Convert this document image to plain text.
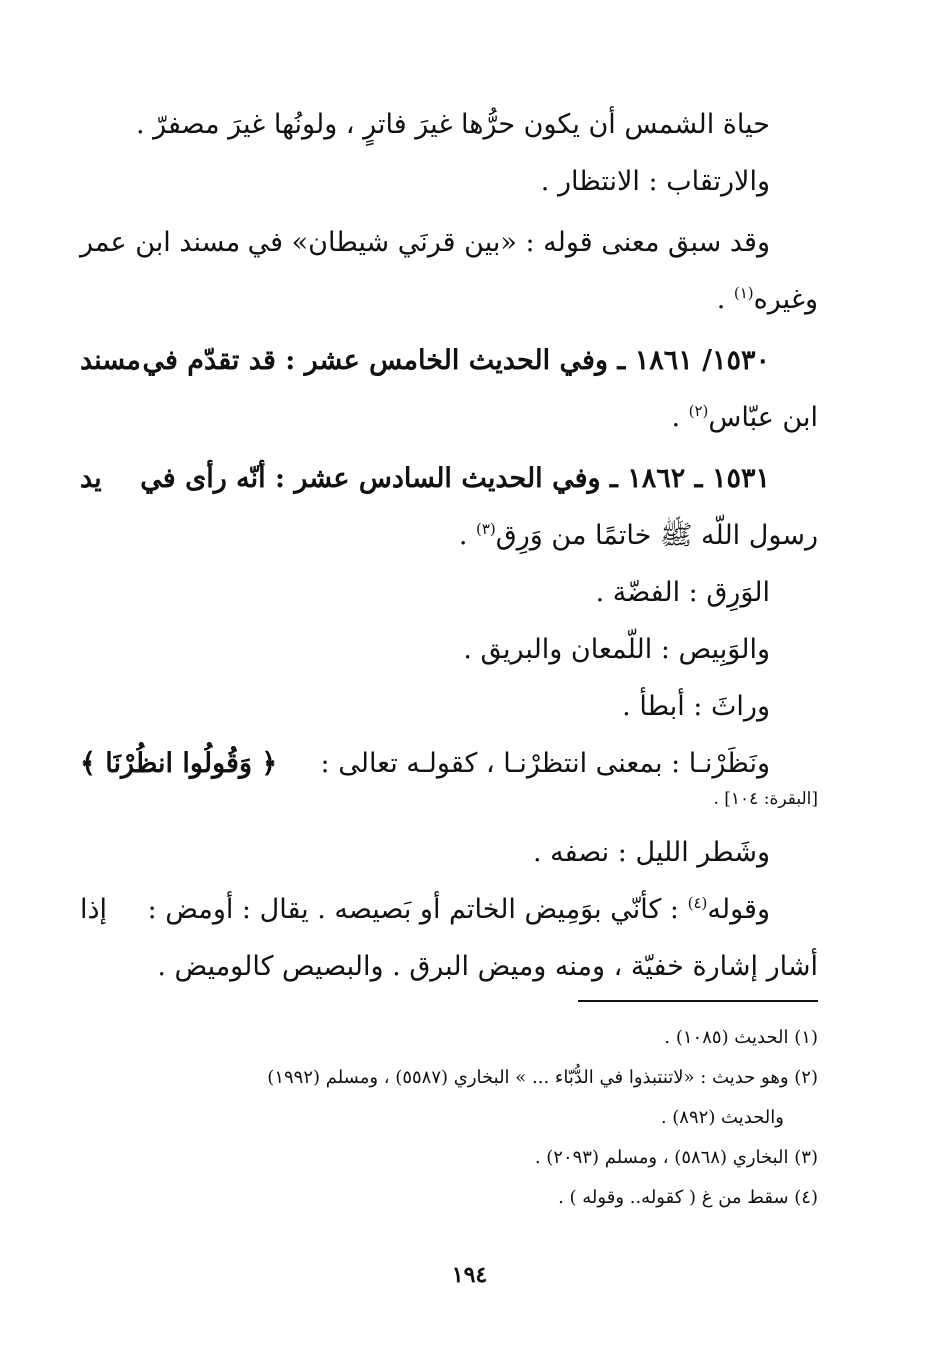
حياة الشمس أن يكون حرُّها غيرَ فاترٍ ، ولونُها غيرَ مصفرّ .
والارتقاب : الانتظار .
وقد سبق معنى قوله : «بين قرنَي شيطان» في
مسند ابن عمر
وغيره$^{(١)}$ .
١٥٣٠/ ١٨٦١ ـ وفي الحديث الخامس عشر : قد تقدّم في
مسند
ابن عبّاس$^{(٢)}$ .
١٥٣١ ـ ١٨٦٢ ـ وفي الحديث السادس عشر : أنّه رأى في
يد
رسول اللّه ﷺ خاتمًا من وَرِق$^{(٣)}$ .
الوَرِق : الفضّة .
والوَبِيص : اللّمعان والبريق .
وراثَ : أبطأ .
ونَظَرْنـا : بمعنى انتظرْنـا ، كقولـه تعالى :
﴿ وَقُولُوا انظُرْنَا ﴾
[البقرة: ١٠٤] .
وشَطر الليل : نصفه .
وقوله$^{(٤)}$ : كأنّي بوَمِيض الخاتم أو بَصيصه . يقال : أومض :
إذا
أشار إشارة خفيّة ، ومنه وميض البرق . والبصيص كالوميض .
(١) الحديث (١٠٨٥) .
(٢) وهو حديث : «لاتنتبذوا في الدُّبّاء ... » البخاري (٥٥٨٧) ، ومسلم (١٩٩٢)
والحديث (٨٩٢) .
(٣) البخاري (٥٨٦٨) ، ومسلم (٢٠٩٣) .
(٤) سقط من غ ( كقوله.. وقوله ) .
١٩٤
